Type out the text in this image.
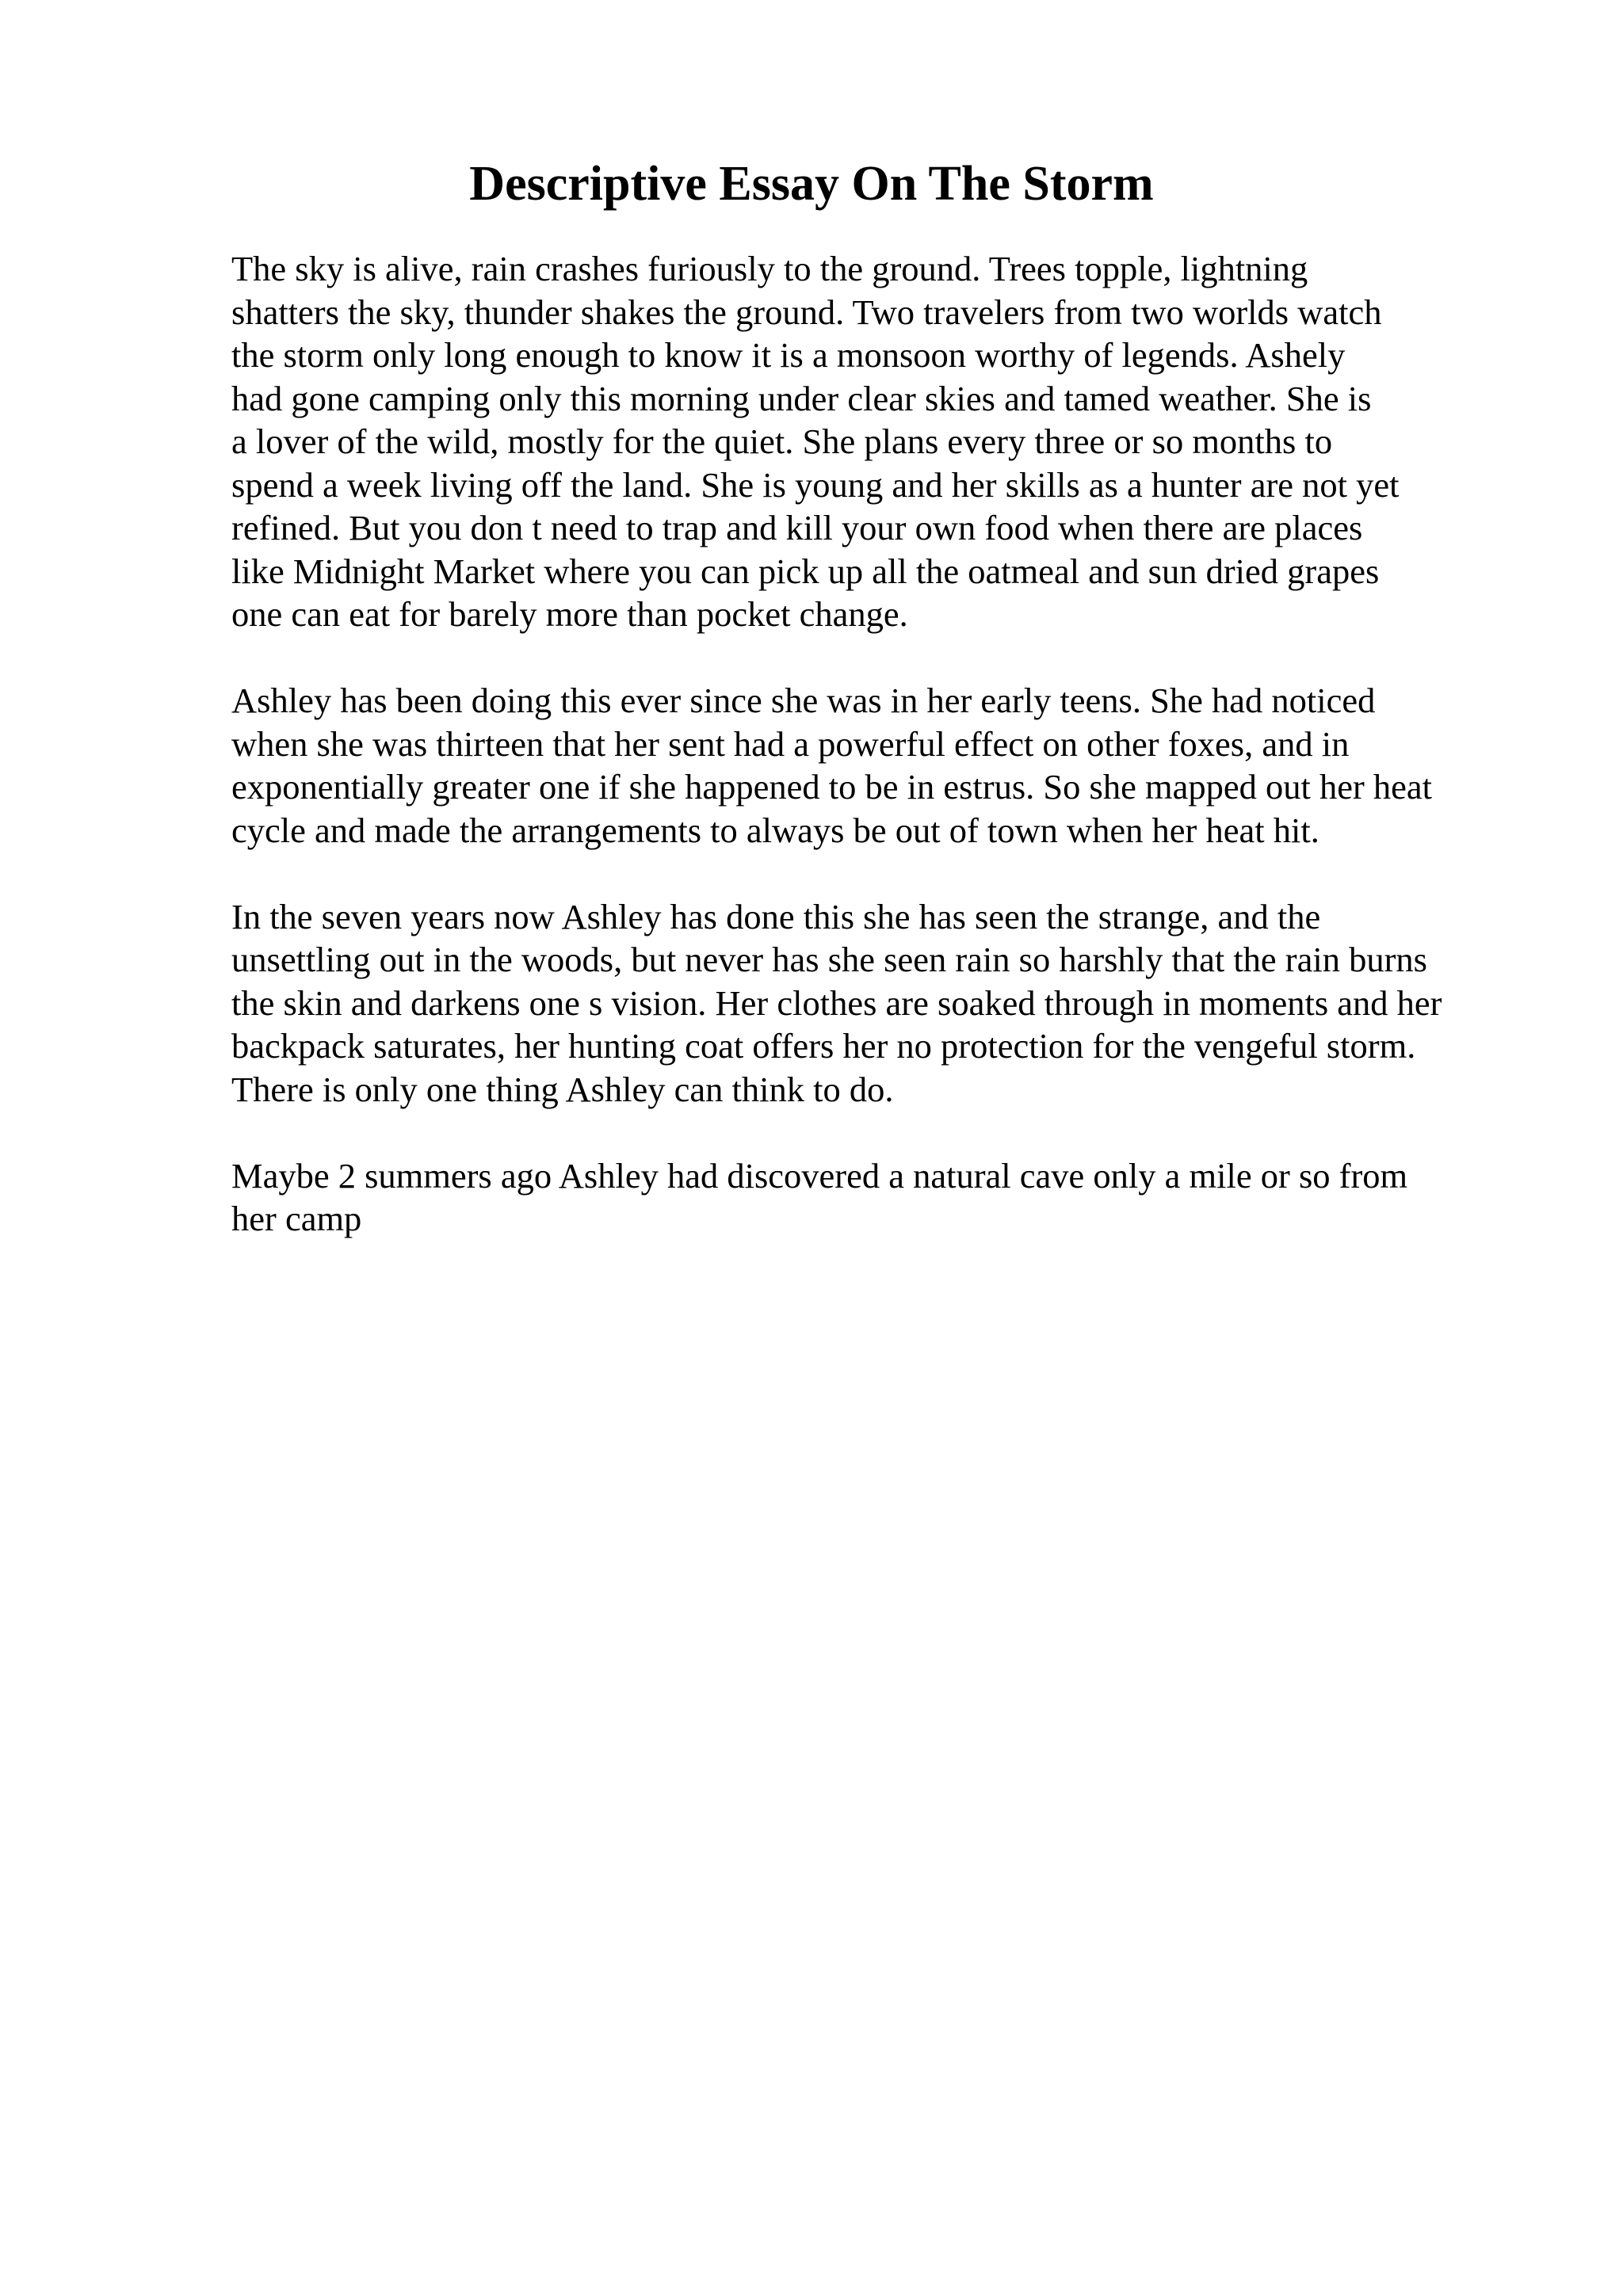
Descriptive Essay On The Storm

The sky is alive, rain crashes furiously to the ground. Trees topple, lightning
shatters the sky, thunder shakes the ground. Two travelers from two worlds watch
the storm only long enough to know it is a monsoon worthy of legends. Ashely
had gone camping only this morning under clear skies and tamed weather. She is
a lover of the wild, mostly for the quiet. She plans every three or so months to
spend a week living off the land. She is young and her skills as a hunter are not yet
refined. But you don t need to trap and kill your own food when there are places
like Midnight Market where you can pick up all the oatmeal and sun dried grapes
one can eat for barely more than pocket change.

Ashley has been doing this ever since she was in her early teens. She had noticed
when she was thirteen that her sent had a powerful effect on other foxes, and in
exponentially greater one if she happened to be in estrus. So she mapped out her heat
cycle and made the arrangements to always be out of town when her heat hit.

In the seven years now Ashley has done this she has seen the strange, and the
unsettling out in the woods, but never has she seen rain so harshly that the rain burns
the skin and darkens one s vision. Her clothes are soaked through in moments and her
backpack saturates, her hunting coat offers her no protection for the vengeful storm.
There is only one thing Ashley can think to do.

Maybe 2 summers ago Ashley had discovered a natural cave only a mile or so from
her camp
